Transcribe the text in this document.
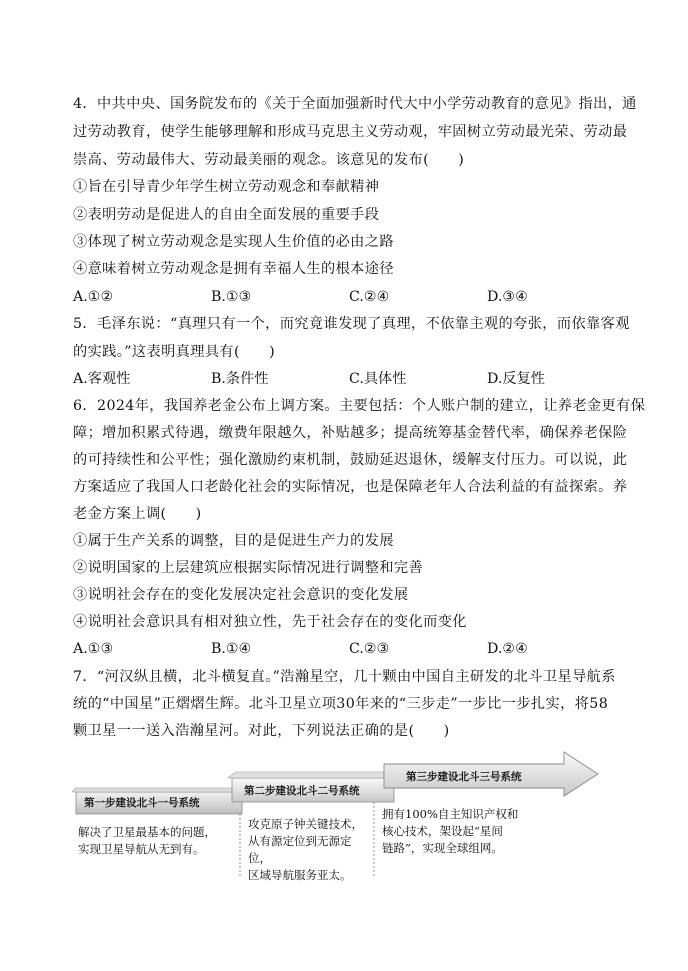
4．中共中央、国务院发布的《关于全面加强新时代大中小学劳动教育的意见》指出，通
过劳动教育，使学生能够理解和形成马克思主义劳动观，牢固树立劳动最光荣、劳动最
崇高、劳动最伟大、劳动最美丽的观念。该意见的发布(　　)
①旨在引导青少年学生树立劳动观念和奉献精神
②表明劳动是促进人的自由全面发展的重要手段
③体现了树立劳动观念是实现人生价值的必由之路
④意味着树立劳动观念是拥有幸福人生的根本途径
A.①②	B.①③	C.②④	D.③④
5．毛泽东说：“真理只有一个，而究竟谁发现了真理，不依靠主观的夸张，而依靠客观
的实践。”这表明真理具有(　　)
A.客观性	B.条件性	C.具体性	D.反复性
6．2024年，我国养老金公布上调方案。主要包括：个人账户制的建立，让养老金更有保
障；增加积累式待遇，缴费年限越久，补贴越多；提高统筹基金替代率，确保养老保险
的可持续性和公平性；强化激励约束机制，鼓励延迟退休，缓解支付压力。可以说，此
方案适应了我国人口老龄化社会的实际情况，也是保障老年人合法利益的有益探索。养
老金方案上调(　　)
①属于生产关系的调整，目的是促进生产力的发展
②说明国家的上层建筑应根据实际情况进行调整和完善
③说明社会存在的变化发展决定社会意识的变化发展
④说明社会意识具有相对独立性，先于社会存在的变化而变化
A.①③	B.①④	C.②③	D.②④
7．“河汉纵且横，北斗横复直。”浩瀚星空，几十颗由中国自主研发的北斗卫星导航系
统的“中国星”正熠熠生辉。北斗卫星立项30年来的“三步走”一步比一步扎实，将58
颗卫星一一送入浩瀚星河。对此，下列说法正确的是(　　)
第一步建设北斗一号系统
第二步建设北斗二号系统
第三步建设北斗三号系统
解决了卫星最基本的问题，
实现卫星导航从无到有。
攻克原子钟关键技术，
从有源定位到无源定位，
区域导航服务亚太。
拥有100%自主知识产权和
核心技术，架设起“星间
链路”，实现全球组网。
